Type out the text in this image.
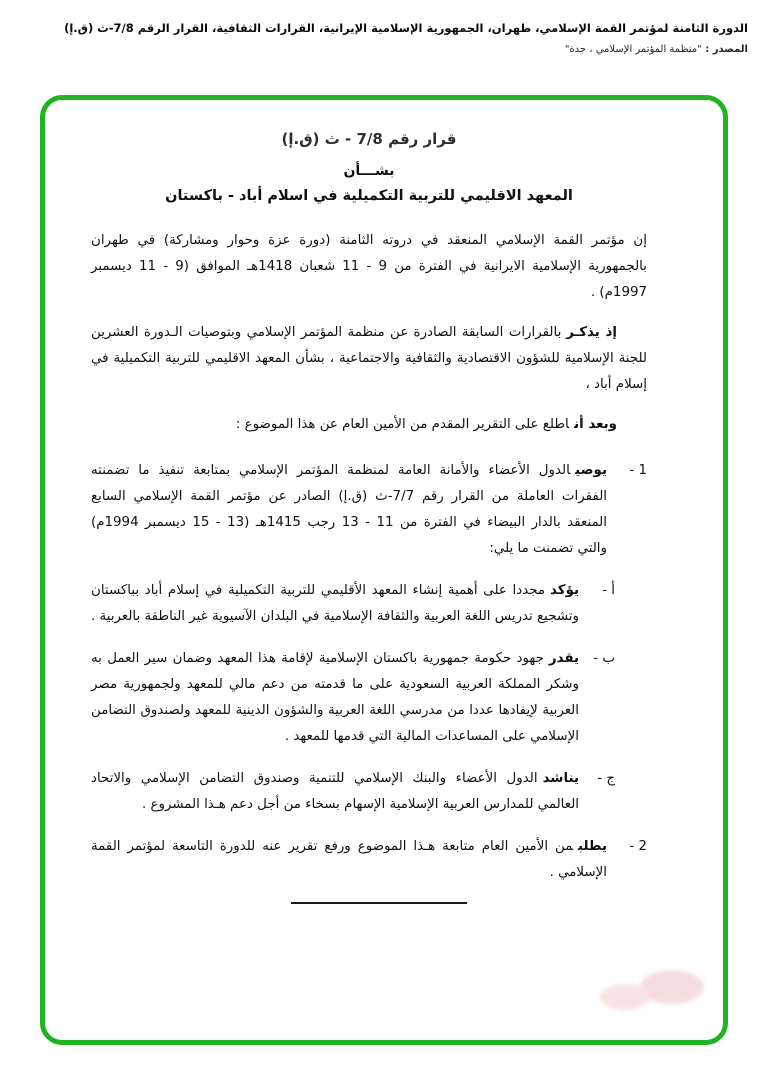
الدورة الثامنة لمؤتمر القمة الإسلامي، طهران، الجمهورية الإسلامية الإيرانية، القرارات الثقافية، القرار الرقم 7/8-ث (ق.إ)
المصدر : "منظمة المؤتمر الإسلامي ، جدة"
قرار رقم 7/8 - ث (ق.إ)
بشـــأن
المعهد الاقليمي للتربية التكميلية في اسلام أباد - باكستان

إن مؤتمر القمة الإسلامي المنعقد في دروته الثامنة (دورة عزة وحوار ومشاركة) في طهران بالجمهورية الإسلامية الايرانية في الفترة من 9 - 11 شعبان 1418هـ الموافق (9 - 11 ديسمبر 1997م) .

إذ يذكـربالقرارات السابقة الصادرة عن منظمة المؤتمر الإسلامي وبتوصيات الـدورة العشرين للجنة الإسلامية للشؤون الاقتصادية والثقافية والاجتماعية ، بشأن المعهد الاقليمي للتربية التكميلية في إسلام أباد ،

وبعد أناطلع على التقرير المقدم من الأمين العام عن هذا الموضوع :

1 -
يوصيالدول الأعضاء والأمانة العامة لمنظمة المؤتمر الإسلامي بمتابعة تنفيذ ما تضمنته الفقرات العاملة من القرار رقم 7/7-ث (ق.إ) الصادر عن مؤتمر القمة الإسلامي السابع المنعقد بالدار البيضاء في الفترة من 11 - 13 رجب 1415هـ (13 - 15 ديسمبر 1994م) والتي تضمنت ما يلي:
أ -
يؤكدمجددا على أهمية إنشاء المعهد الأقليمي للتربية التكميلية في إسلام أباد بباكستان وتشجيع تدريس اللغة العربية والثقافة الإسلامية في البلدان الآسيوية غير الناطقة بالعربية .
ب -
يقدرجهود حكومة جمهورية باكستان الإسلامية لإقامة هذا المعهد وضمان سير العمل به وشكر المملكة العربية السعودية على ما قدمته من دعم مالي للمعهد ولجمهورية مصر العربية لإيفادها عددا من مدرسي اللغة العربية والشؤون الدينية للمعهد ولصندوق التضامن الإسلامي على المساعدات المالية التي قدمها للمعهد .
ج -
يناشدالدول الأعضاء والبنك الإسلامي للتنمية وصندوق التضامن الإسلامي والاتحاد العالمي للمدارس العربية الإسلامية الإسهام بسخاء من أجل دعم هـذا المشروع .
2 -
يطلبمن الأمين العام متابعة هـذا الموضوع ورفع تقرير عنه للدورة التاسعة لمؤتمر القمة الإسلامي .
